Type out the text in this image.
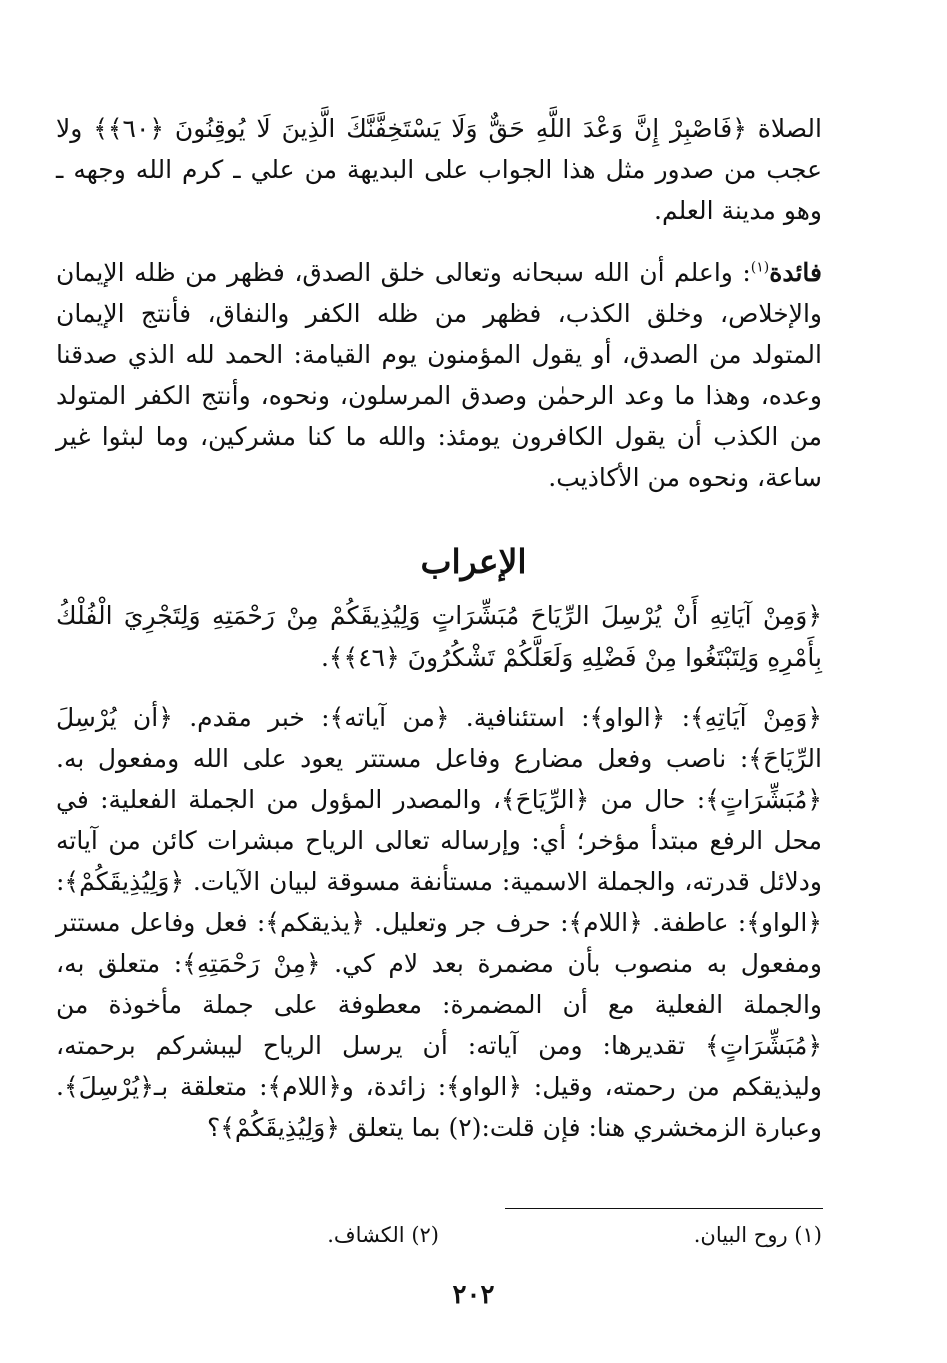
الصلاة ﴿فَاصْبِرْ إِنَّ وَعْدَ اللَّهِ حَقٌّ وَلَا يَسْتَخِفَّنَّكَ الَّذِينَ لَا يُوقِنُونَ ﴿٦٠﴾﴾ ولا عجب من صدور مثل هذا الجواب على البديهة من علي ـ كرم الله وجهه ـ وهو مدينة العلم.

فائدة$^{(١)}$: واعلم أن الله سبحانه وتعالى خلق الصدق، فظهر من ظله الإيمان والإخلاص، وخلق الكذب، فظهر من ظله الكفر والنفاق، فأنتج الإيمان المتولد من الصدق، أو يقول المؤمنون يوم القيامة: الحمد لله الذي صدقنا وعده، وهذا ما وعد الرحمٰن وصدق المرسلون، ونحوه، وأنتج الكفر المتولد من الكذب أن يقول الكافرون يومئذ: والله ما كنا مشركين، وما لبثوا غير ساعة، ونحوه من الأكاذيب.

الإعراب
﴿وَمِنْ آيَاتِهِ أَنْ يُرْسِلَ الرِّيَاحَ مُبَشِّرَاتٍ وَلِيُذِيقَكُمْ مِنْ رَحْمَتِهِ وَلِتَجْرِيَ الْفُلْكُ بِأَمْرِهِ وَلِتَبْتَغُوا مِنْ فَضْلِهِ وَلَعَلَّكُمْ تَشْكُرُونَ ﴿٤٦﴾﴾.

﴿وَمِنْ آيَاتِهِ﴾: ﴿الواو﴾: استئنافية. ﴿من آياته﴾: خبر مقدم. ﴿أن يُرْسِلَ الرِّيَاحَ﴾: ناصب وفعل مضارع وفاعل مستتر يعود على الله ومفعول به. ﴿مُبَشِّرَاتٍ﴾: حال من ﴿الرِّيَاحَ﴾، والمصدر المؤول من الجملة الفعلية: في محل الرفع مبتدأ مؤخر؛ أي: وإرساله تعالى الرياح مبشرات كائن من آياته ودلائل قدرته، والجملة الاسمية: مستأنفة مسوقة لبيان الآيات. ﴿وَلِيُذِيقَكُمْ﴾: ﴿الواو﴾: عاطفة. ﴿اللام﴾: حرف جر وتعليل. ﴿يذيقكم﴾: فعل وفاعل مستتر ومفعول به منصوب بأن مضمرة بعد لام كي. ﴿مِنْ رَحْمَتِهِ﴾: متعلق به، والجملة الفعلية مع أن المضمرة: معطوفة على جملة مأخوذة من ﴿مُبَشِّرَاتٍ﴾ تقديرها: ومن آياته: أن يرسل الرياح ليبشركم برحمته، وليذيقكم من رحمته، وقيل: ﴿الواو﴾: زائدة، و﴿اللام﴾: متعلقة بـ﴿يُرْسِلَ﴾. وعبارة الزمخشري هنا: فإن قلت:(٢) بما يتعلق ﴿وَلِيُذِيقَكُمْ﴾؟

(١) روح البيان.
(٢) الكشاف.
٢٠٢
